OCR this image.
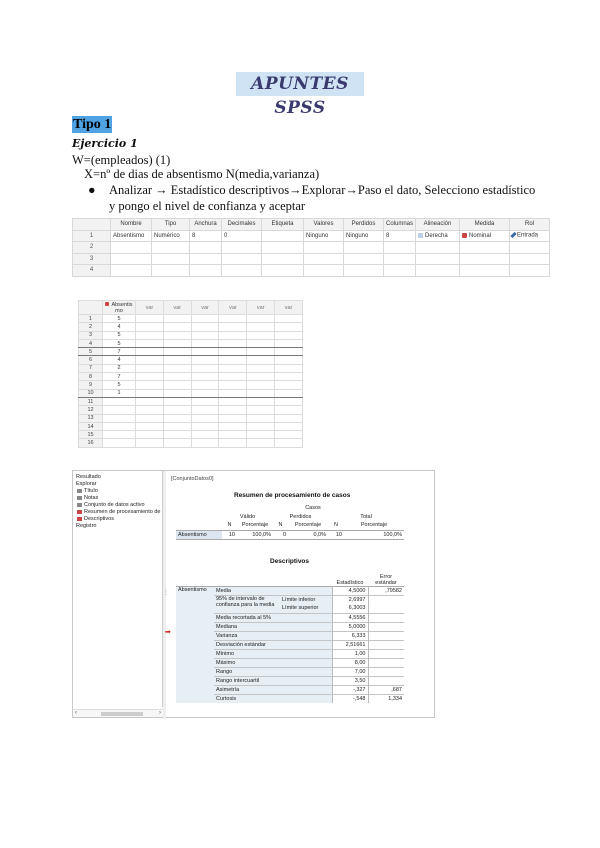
APUNTES SPSS
Tipo 1
Ejercicio 1
W=(empleados) (1)
X=nº de dias de absentismo N(media,varianza)
● Analizar → Estadístico descriptivos→Explorar→Paso el dato, Selecciono estadístico y pongo el nivel de confianza y aceptar
	Nombre	Tipo	Anchura	Decimales	Etiqueta	Valores	Perdidos	Columnas	Alineación	Medida	Rol
1	Absentismo	Numérico	8	0		Ninguno	Ninguno	8	Derecha	Nominal	Entrada
2											
3											
4											
	Absentis mo	var	var	var	var	var	var
1	5						
2	4						
3	5						
4	5						
5	7						
6	4						
7	2						
8	7						
9	5						
10	1						
11							
12							
13							
14							
15							
16							
Resultado
Explorar
Título
Notas
Conjunto de datos activo
Resumen de procesamiento de
Descriptivos
Registro
‹	›
⋮
➡
[ConjuntoDatos0]
Resumen de procesamiento de casos
	Casos					
	Válido		Perdidos		Total	
	N	Porcentaje	N	Porcentaje	N	Porcentaje
Absentismo	10	100,0%	0	0,0%	10	100,0%
Descriptivos
			Estadístico	Error estándar
Absentismo	Media		4,5000	,79582
	95% de intervalo de confianza para la media	Límite inferior	2,6997	
		Límite superior	6,3003	
	Media recortada al 5%		4,5556	
	Mediana		5,0000	
	Varianza		6,333	
	Desviación estándar		2,51661	
	Mínimo		1,00	
	Máximo		8,00	
	Rango		7,00	
	Rango intercuartil		3,50	
	Asimetría		-,327	,687
	Curtosis		-,548	1,334
